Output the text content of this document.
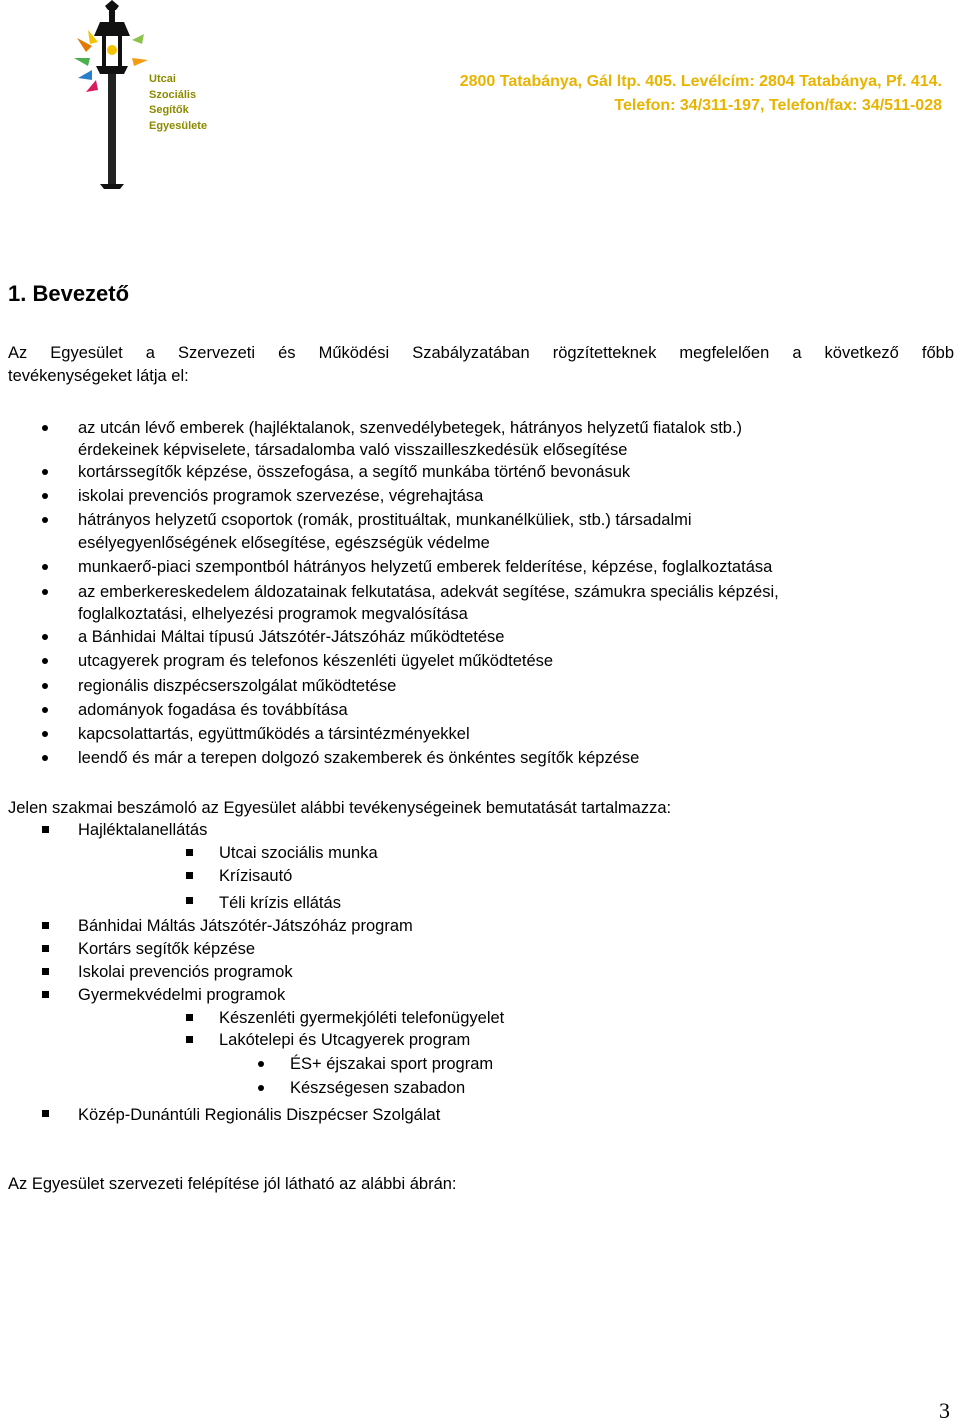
Utcai
Szociális
Segítők
Egyesülete
2800 Tatabánya, Gál ltp. 405. Levélcím: 2804 Tatabánya, Pf. 414.
Telefon: 34/311-197, Telefon/fax: 34/511-028
1. Bevezető
Az Egyesület a Szervezeti és Működési Szabályzatában rögzítetteknek megfelelően a következő főbb
tevékenységeket látja el:
az utcán lévő emberek (hajléktalanok, szenvedélybetegek, hátrányos helyzetű fiatalok stb.)
érdekeinek képviselete, társadalomba való visszailleszkedésük elősegítése
kortárssegítők képzése, összefogása, a segítő munkába történő bevonásuk
iskolai prevenciós programok szervezése, végrehajtása
hátrányos helyzetű csoportok (romák, prostituáltak, munkanélküliek, stb.) társadalmi
esélyegyenlőségének elősegítése, egészségük védelme
munkaerő-piaci szempontból hátrányos helyzetű emberek felderítése, képzése, foglalkoztatása
az emberkereskedelem áldozatainak felkutatása, adekvát segítése, számukra speciális képzési,
foglalkoztatási, elhelyezési programok megvalósítása
a Bánhidai Máltai típusú Játszótér-Játszóház működtetése
utcagyerek program és telefonos készenléti ügyelet működtetése
regionális diszpécserszolgálat működtetése
adományok fogadása és továbbítása
kapcsolattartás, együttműködés a társintézményekkel
leendő és már a terepen dolgozó szakemberek és önkéntes segítők képzése
Jelen szakmai beszámoló az Egyesület alábbi tevékenységeinek bemutatását tartalmazza:
Hajléktalanellátás
Utcai szociális munka
Krízisautó
Téli krízis ellátás
Bánhidai Máltás Játszótér-Játszóház program
Kortárs segítők képzése
Iskolai prevenciós programok
Gyermekvédelmi programok
Készenléti gyermekjóléti telefonügyelet
Lakótelepi és Utcagyerek program
ÉS+ éjszakai sport program
Készségesen szabadon
Közép-Dunántúli Regionális Diszpécser Szolgálat
Az Egyesület szervezeti felépítése jól látható az alábbi ábrán:
3
